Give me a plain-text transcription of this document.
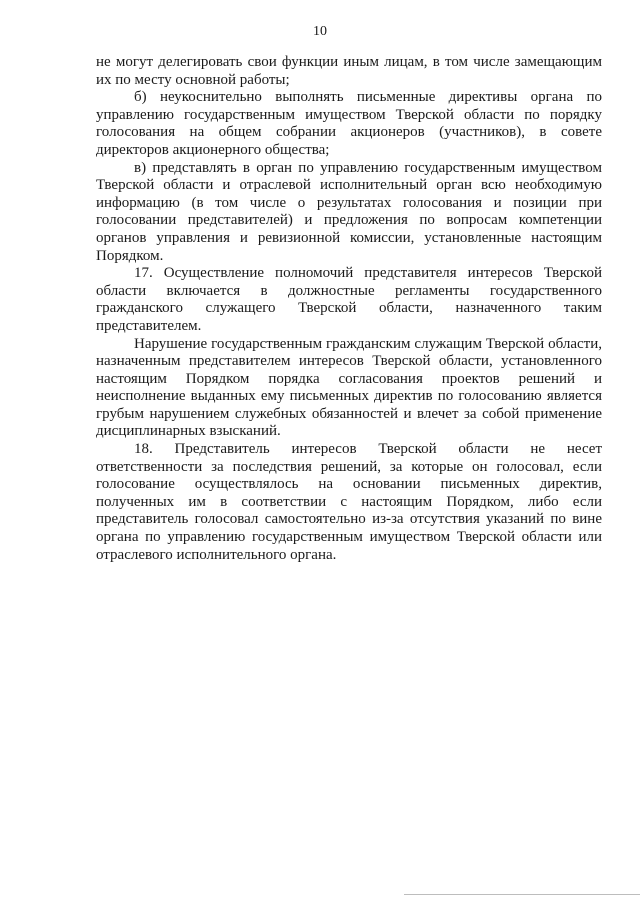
10

не могут делегировать свои функции иным лицам, в том числе замещающим их по месту основной работы;

б) неукоснительно выполнять письменные директивы органа по управлению государственным имуществом Тверской области по порядку голосования на общем собрании акционеров (участников), в совете директоров акционерного общества;

в) представлять в орган по управлению государственным имуществом Тверской области и отраслевой исполнительный орган всю необходимую информацию (в том числе о результатах голосования и позиции при голосовании представителей) и предложения по вопросам компетенции органов управления и ревизионной комиссии, установленные настоящим Порядком.

17. Осуществление полномочий представителя интересов Тверской области включается в должностные регламенты государственного гражданского служащего Тверской области, назначенного таким представителем.

Нарушение государственным гражданским служащим Тверской области, назначенным представителем интересов Тверской области, установленного настоящим Порядком порядка согласования проектов решений и неисполнение выданных ему письменных директив по голосованию является грубым нарушением служебных обязанностей и влечет за собой применение дисциплинарных взысканий.

18. Представитель интересов Тверской области не несет ответственности за последствия решений, за которые он голосовал, если голосование осуществлялось на основании письменных директив, полученных им в соответствии с настоящим Порядком, либо если представитель голосовал самостоятельно из-за отсутствия указаний по вине органа по управлению государственным имуществом Тверской области или отраслевого исполнительного органа.
